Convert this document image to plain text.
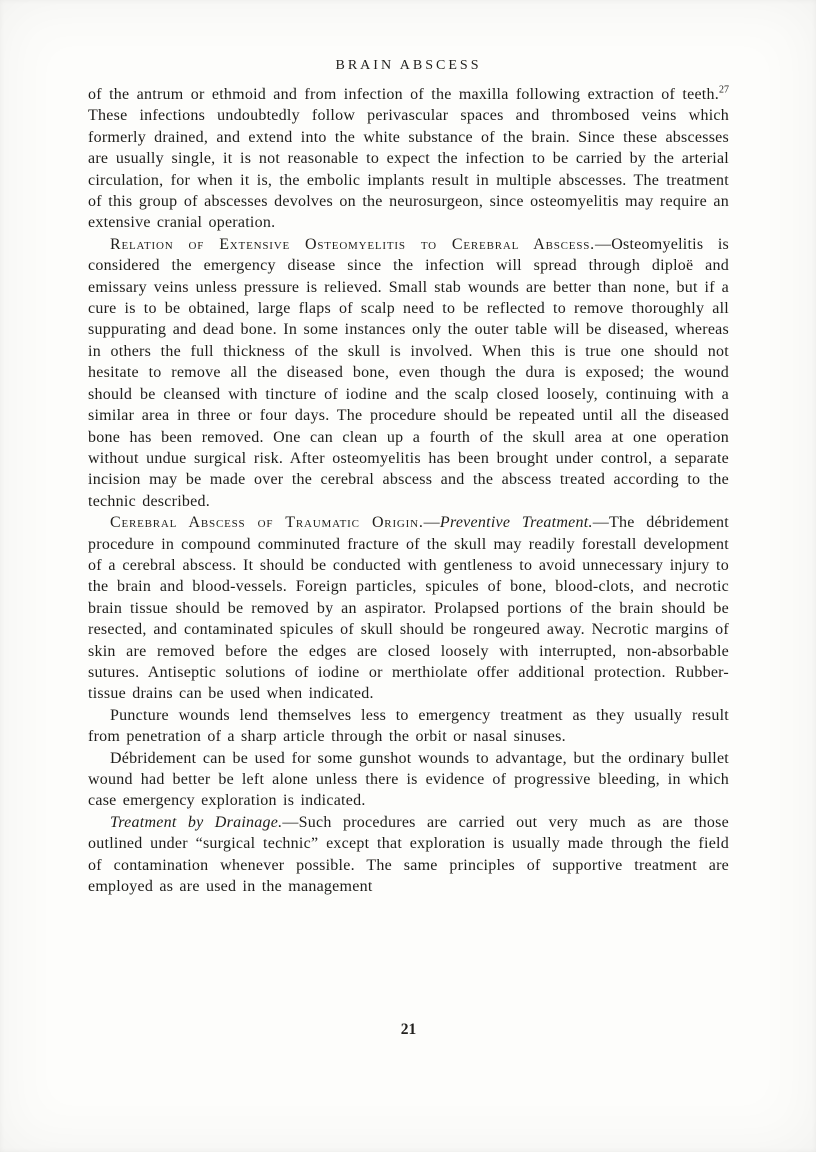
BRAIN ABSCESS

of the antrum or ethmoid and from infection of the maxilla following extraction of teeth.$^{27}$ These infections undoubtedly follow perivascular spaces and thrombosed veins which formerly drained, and extend into the white substance of the brain. Since these abscesses are usually single, it is not reasonable to expect the infection to be carried by the arterial circulation, for when it is, the embolic implants result in multiple abscesses. The treatment of this group of abscesses devolves on the neurosurgeon, since osteomyelitis may require an extensive cranial operation.

Relation of Extensive Osteomyelitis to Cerebral Abscess.—Osteomyelitis is considered the emergency disease since the infection will spread through diploë and emissary veins unless pressure is relieved. Small stab wounds are better than none, but if a cure is to be obtained, large flaps of scalp need to be reflected to remove thoroughly all suppurating and dead bone. In some instances only the outer table will be diseased, whereas in others the full thickness of the skull is involved. When this is true one should not hesitate to remove all the diseased bone, even though the dura is exposed; the wound should be cleansed with tincture of iodine and the scalp closed loosely, continuing with a similar area in three or four days. The procedure should be repeated until all the diseased bone has been removed. One can clean up a fourth of the skull area at one operation without undue surgical risk. After osteomyelitis has been brought under control, a separate incision may be made over the cerebral abscess and the abscess treated according to the technic described.

Cerebral Abscess of Traumatic Origin.—Preventive Treatment.—The débridement procedure in compound comminuted fracture of the skull may readily forestall development of a cerebral abscess. It should be conducted with gentleness to avoid unnecessary injury to the brain and blood-vessels. Foreign particles, spicules of bone, blood-clots, and necrotic brain tissue should be removed by an aspirator. Prolapsed portions of the brain should be resected, and contaminated spicules of skull should be rongeured away. Necrotic margins of skin are removed before the edges are closed loosely with interrupted, non-absorbable sutures. Antiseptic solutions of iodine or merthiolate offer additional protection. Rubber-tissue drains can be used when indicated.

Puncture wounds lend themselves less to emergency treatment as they usually result from penetration of a sharp article through the orbit or nasal sinuses.

Débridement can be used for some gunshot wounds to advantage, but the ordinary bullet wound had better be left alone unless there is evidence of progressive bleeding, in which case emergency exploration is indicated.

Treatment by Drainage.—Such procedures are carried out very much as are those outlined under “surgical technic” except that exploration is usually made through the field of contamination whenever possible. The same principles of supportive treatment are employed as are used in the management

21
